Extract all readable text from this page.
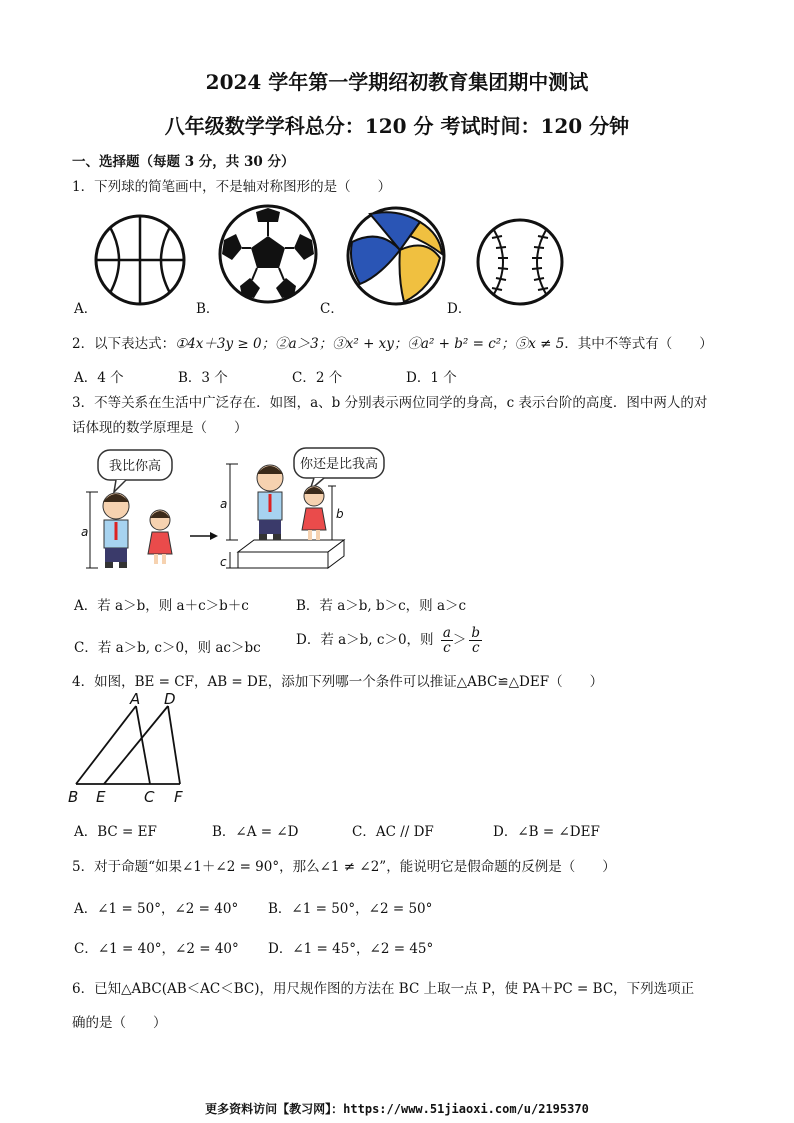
2024 学年第一学期绍初教育集团期中测试
八年级数学学科总分：120 分 考试时间：120 分钟
一、选择题（每题 3 分，共 30 分）
1．下列球的简笔画中，不是轴对称图形的是（　　）
A．	B．	C．	D．
2．以下表达式：①4x＋3y ≥ 0；②a＞3；③x² + xy；④a² + b² = c²；⑤x ≠ 5．其中不等式有（　　）
A．4 个	B．3 个	C．2 个	D．1 个
3．不等关系在生活中广泛存在．如图，a、b 分别表示两位同学的身高，c 表示台阶的高度．图中两人的对
话体现的数学原理是（　　）
我比你高
a
你还是比我高
a
c
b
A．若 a＞b，则 a＋c＞b＋c	B．若 a＞b, b＞c，则 a＞c
C．若 a＞b, c＞0，则 ac＞bc	D．若 a＞b, c＞0，则 $\frac{a}{c} > \frac{b}{c}$
4．如图，BE = CF，AB = DE，添加下列哪一个条件可以推证△ABC≌△DEF（　　）
A D
B E	C F
A．BC = EF	B．∠A = ∠D	C．AC // DF	D．∠B = ∠DEF
5．对于命题“如果∠1＋∠2 = 90°，那么∠1 ≠ ∠2”，能说明它是假命题的反例是（　　）
A．∠1 = 50°，∠2 = 40° B．∠1 = 50°，∠2 = 50°
C．∠1 = 40°，∠2 = 40° D．∠1 = 45°，∠2 = 45°
6．已知△ABC(AB＜AC＜BC)，用尺规作图的方法在 BC 上取一点 P，使 PA＋PC = BC，下列选项正
确的是（　　）
更多资料访问【教习网】：https://www.51jiaoxi.com/u/2195370
